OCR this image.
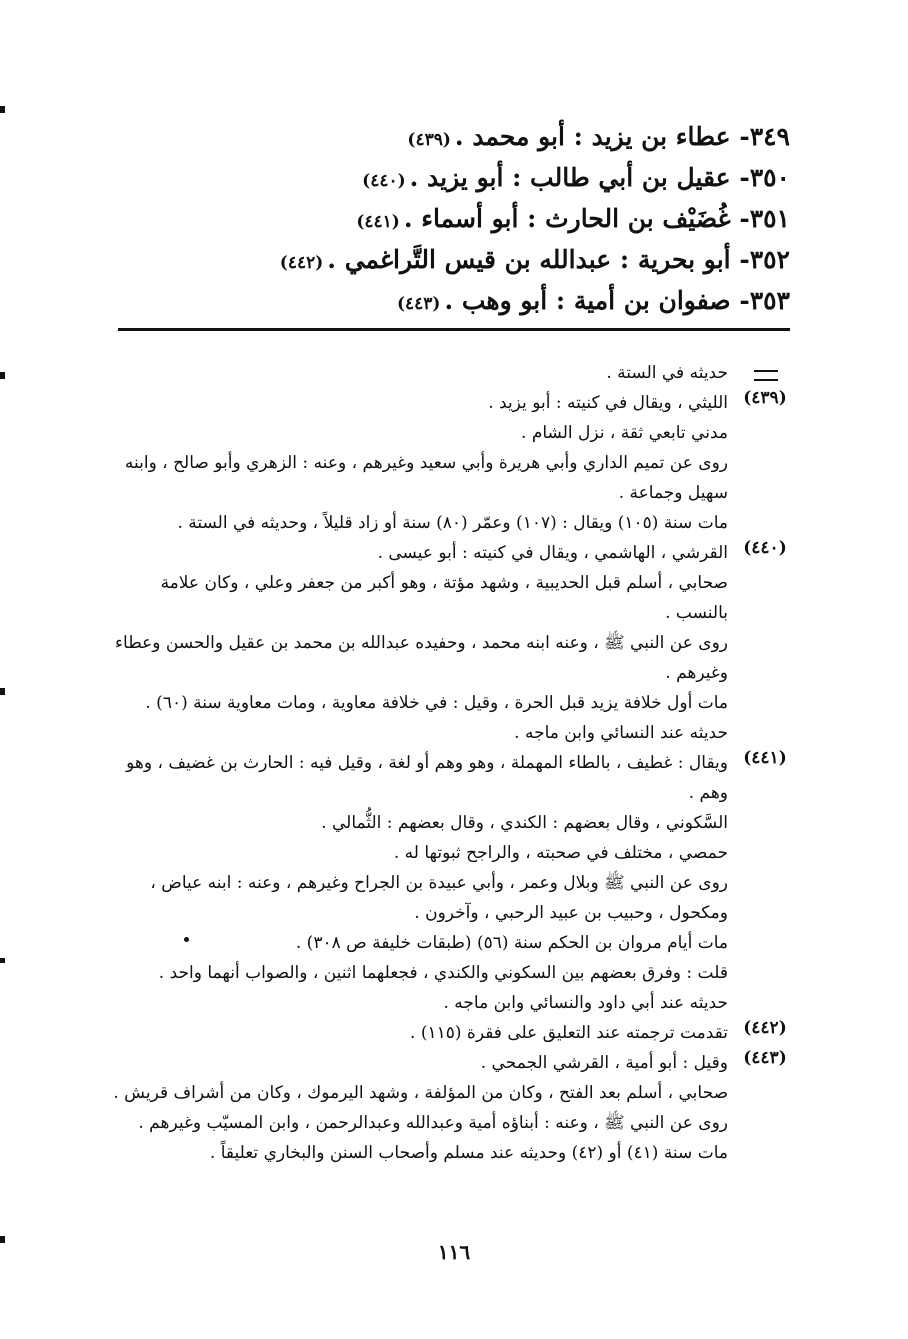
٣٤٩- عطاء بن يزيد : أبو محمد .(٤٣٩)
٣٥٠- عقيل بن أبي طالب : أبو يزيد .(٤٤٠)
٣٥١- غُضَيْف بن الحارث : أبو أسماء .(٤٤١)
٣٥٢- أبو بحرية : عبدالله بن قيس التَّراغمي .(٤٤٢)
٣٥٣- صفوان بن أمية : أبو وهب .(٤٤٣)
حديثه في الستة .
(٤٣٩)
الليثي ، ويقال في كنيته : أبو يزيد .
مدني تابعي ثقة ، نزل الشام .
روى عن تميم الداري وأبي هريرة وأبي سعيد وغيرهم ، وعنه : الزهري وأبو صالح ، وابنه
سهيل وجماعة .
مات سنة (١٠٥) ويقال : (١٠٧) وعمّر (٨٠) سنة أو زاد قليلاً ، وحديثه في الستة .
(٤٤٠)
القرشي ، الهاشمي ، ويقال في كنيته : أبو عيسى .
صحابي ، أسلم قبل الحديبية ، وشهد مؤتة ، وهو أكبر من جعفر وعلي ، وكان علامة
بالنسب .
روى عن النبي ﷺ ، وعنه ابنه محمد ، وحفيده عبدالله بن محمد بن عقيل والحسن وعطاء
وغيرهم .
مات أول خلافة يزيد قبل الحرة ، وقيل : في خلافة معاوية ، ومات معاوية سنة (٦٠) .
حديثه عند النسائي وابن ماجه .
(٤٤١)
ويقال : غطيف ، بالطاء المهملة ، وهو وهم أو لغة ، وقيل فيه : الحارث بن غضيف ، وهو
وهم .
السَّكوني ، وقال بعضهم : الكندي ، وقال بعضهم : الثُّمالي .
حمصي ، مختلف في صحبته ، والراجح ثبوتها له .
روى عن النبي ﷺ وبلال وعمر ، وأبي عبيدة بن الجراح وغيرهم ، وعنه : ابنه عياض ،
ومكحول ، وحبيب بن عبيد الرحبي ، وآخرون .
مات أيام مروان بن الحكم سنة (٥٦) (طبقات خليفة ص ٣٠٨) .
قلت : وفرق بعضهم بين السكوني والكندي ، فجعلهما اثنين ، والصواب أنهما واحد .
حديثه عند أبي داود والنسائي وابن ماجه .
(٤٤٢)
تقدمت ترجمته عند التعليق على فقرة (١١٥) .
(٤٤٣)
وقيل : أبو أمية ، القرشي الجمحي .
صحابي ، أسلم بعد الفتح ، وكان من المؤلفة ، وشهد اليرموك ، وكان من أشراف قريش .
روى عن النبي ﷺ ، وعنه : أبناؤه أمية وعبدالله وعبدالرحمن ، وابن المسيّب وغيرهم .
مات سنة (٤١) أو (٤٢) وحديثه عند مسلم وأصحاب السنن والبخاري تعليقاً .
١١٦
